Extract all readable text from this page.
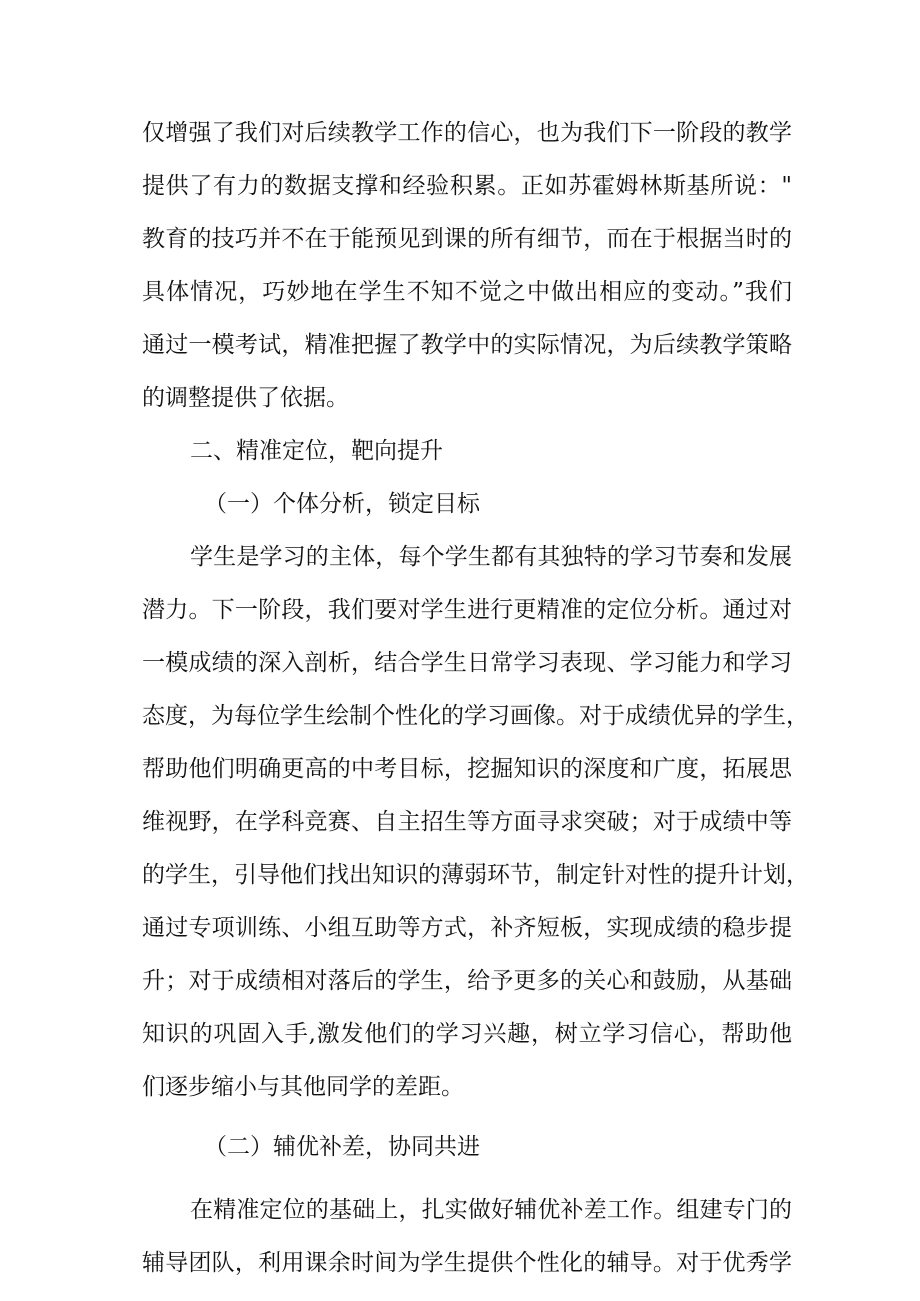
仅增强了我们对后续教学工作的信心，也为我们下一阶段的教学
提供了有力的数据支撑和经验积累。正如苏霍姆林斯基所说："
教育的技巧并不在于能预见到课的所有细节，而在于根据当时的
具体情况，巧妙地在学生不知不觉之中做出相应的变动。”我们
通过一模考试，精准把握了教学中的实际情况，为后续教学策略
的调整提供了依据。
二、精准定位，靶向提升
（一）个体分析，锁定目标
学生是学习的主体，每个学生都有其独特的学习节奏和发展
潜力。下一阶段，我们要对学生进行更精准的定位分析。通过对
一模成绩的深入剖析，结合学生日常学习表现、学习能力和学习
态度，为每位学生绘制个性化的学习画像。对于成绩优异的学生，
帮助他们明确更高的中考目标，挖掘知识的深度和广度，拓展思
维视野，在学科竞赛、自主招生等方面寻求突破；对于成绩中等
的学生，引导他们找出知识的薄弱环节，制定针对性的提升计划，
通过专项训练、小组互助等方式，补齐短板，实现成绩的稳步提
升；对于成绩相对落后的学生，给予更多的关心和鼓励，从基础
知识的巩固入手,激发他们的学习兴趣，树立学习信心，帮助他
们逐步缩小与其他同学的差距。
（二）辅优补差，协同共进
在精准定位的基础上，扎实做好辅优补差工作。组建专门的
辅导团队，利用课余时间为学生提供个性化的辅导。对于优秀学
